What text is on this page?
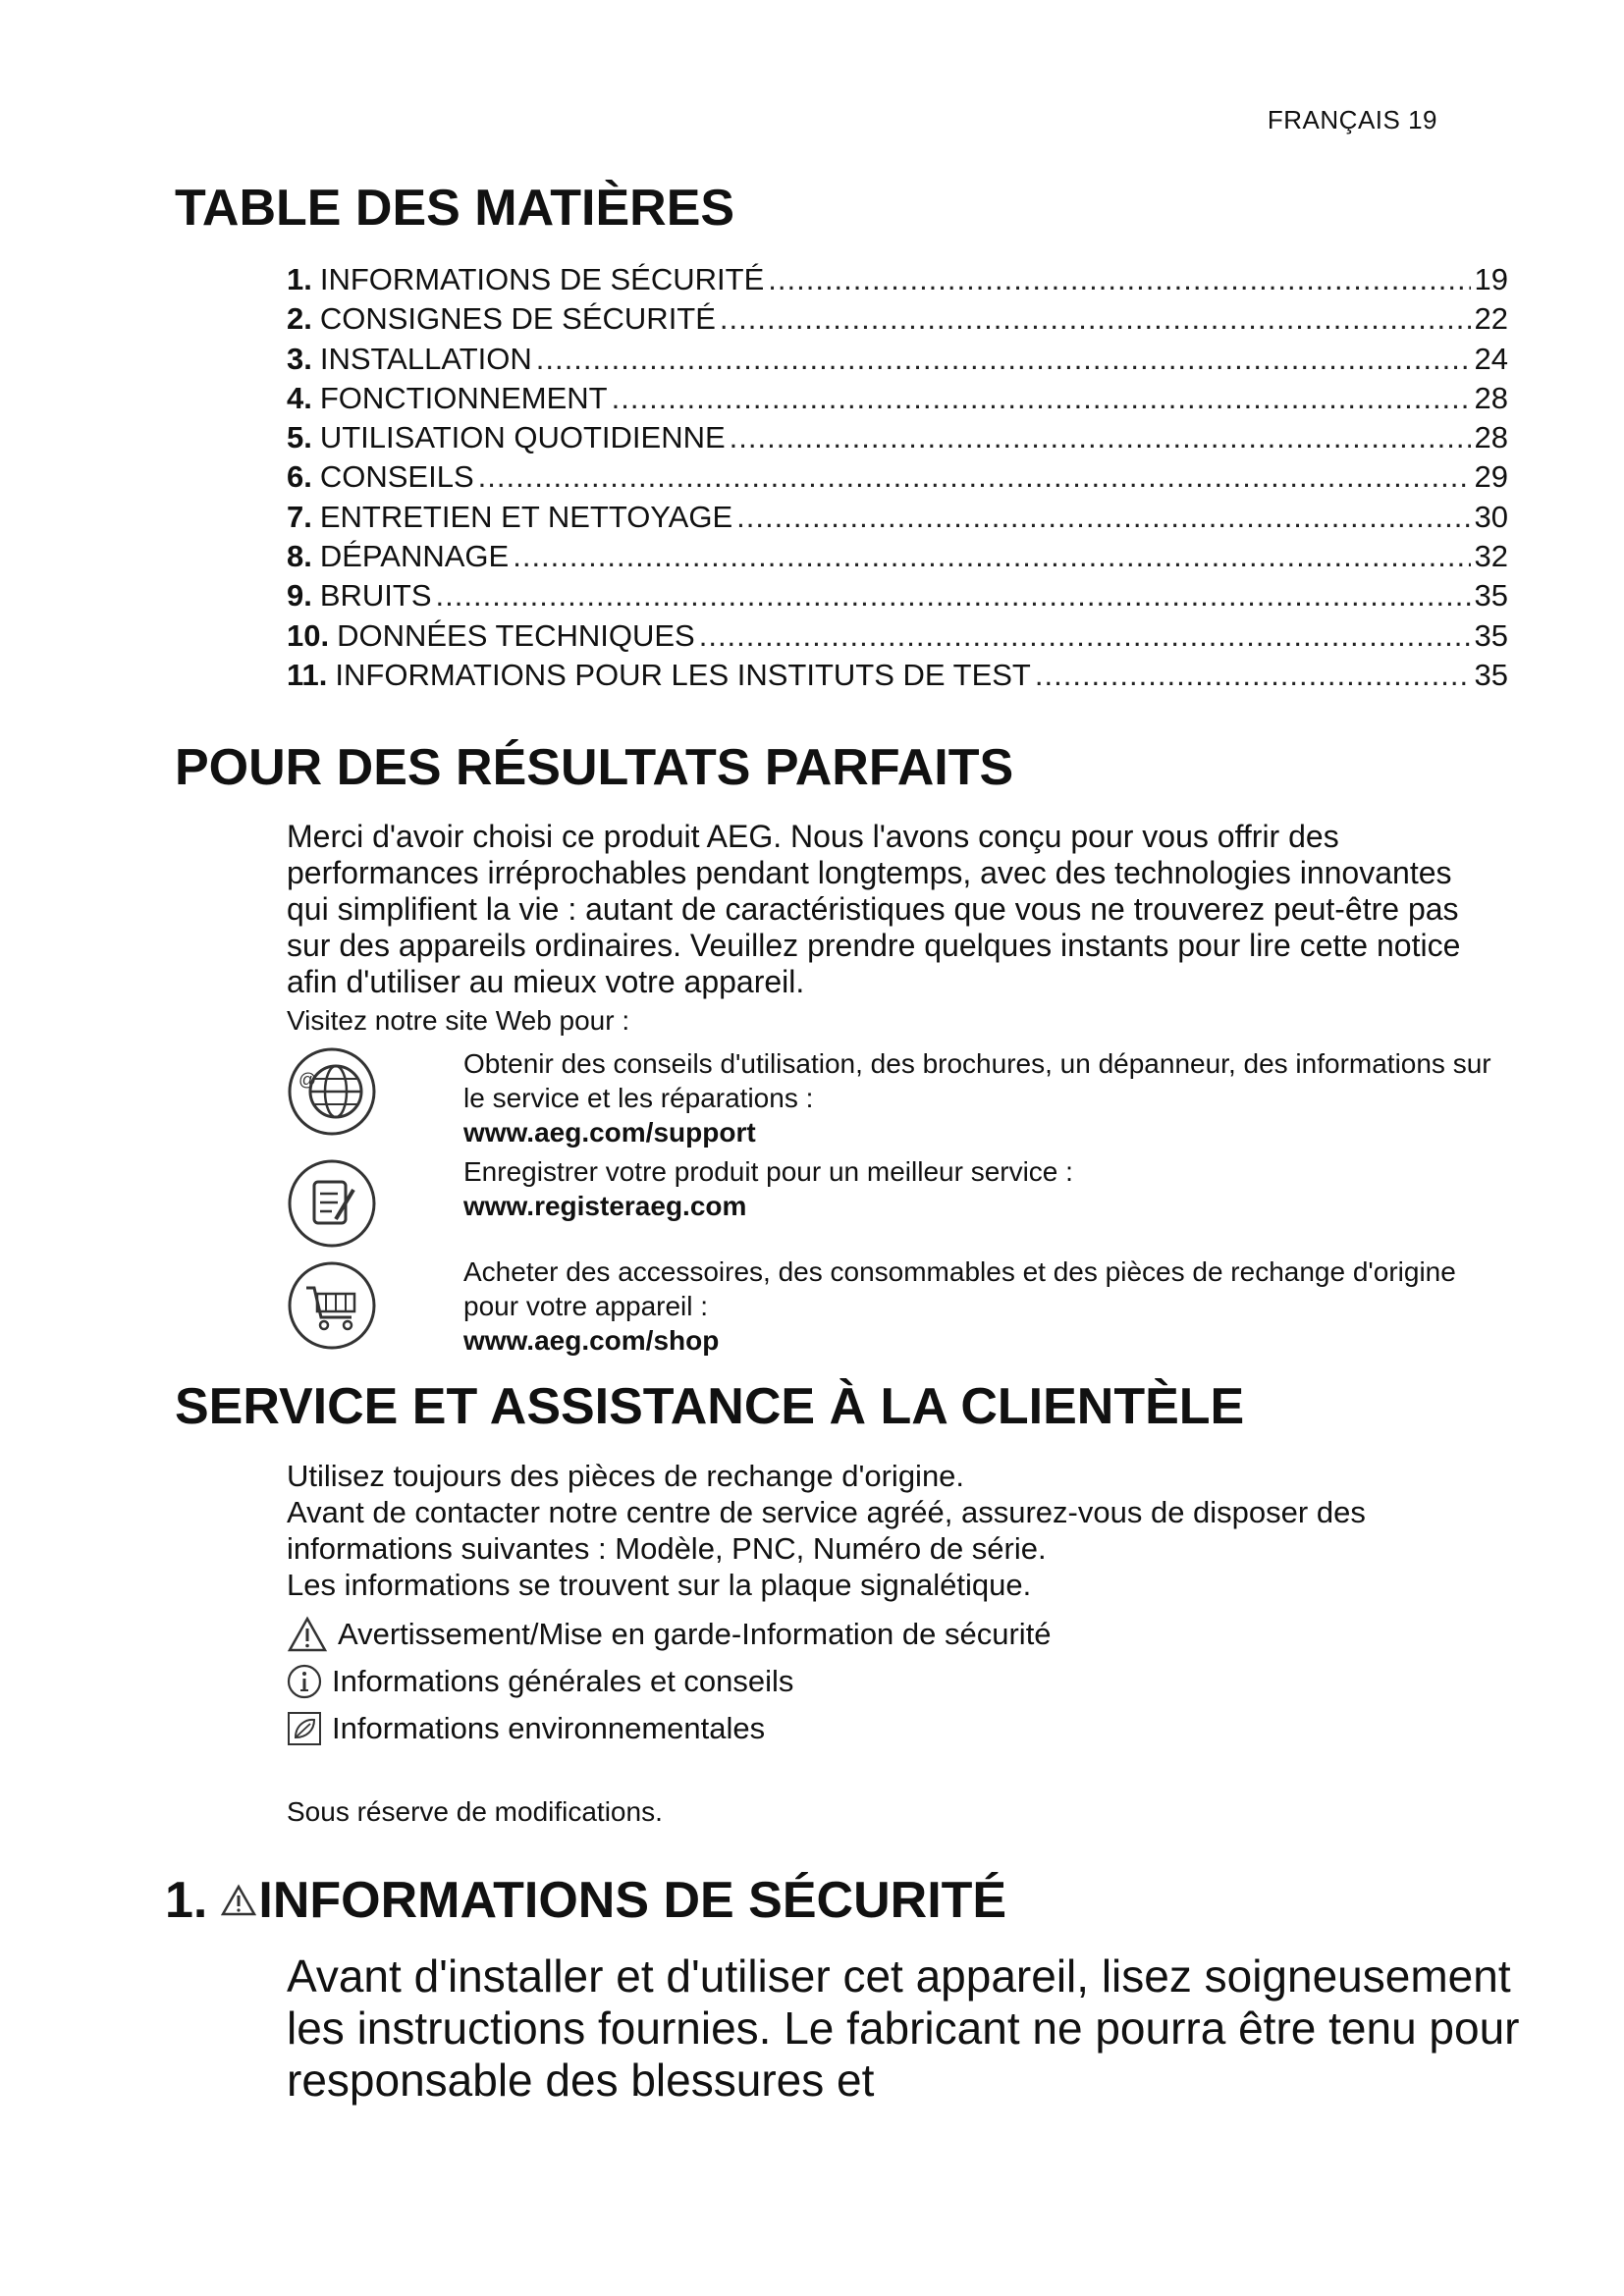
FRANÇAIS 19
TABLE DES MATIÈRES
1. INFORMATIONS DE SÉCURITÉ .....	19
2. CONSIGNES DE SÉCURITÉ .....	22
3. INSTALLATION .....	24
4. FONCTIONNEMENT .....	28
5. UTILISATION QUOTIDIENNE .....	28
6. CONSEILS .....	29
7. ENTRETIEN ET NETTOYAGE .....	30
8. DÉPANNAGE .....	32
9. BRUITS .....	35
10. DONNÉES TECHNIQUES .....	35
11. INFORMATIONS POUR LES INSTITUTS DE TEST .....	35
POUR DES RÉSULTATS PARFAITS

Merci d'avoir choisi ce produit AEG. Nous l'avons conçu pour vous offrir des performances irréprochables pendant longtemps, avec des technologies innovantes qui simplifient la vie : autant de caractéristiques que vous ne trouverez peut-être pas sur des appareils ordinaires. Veuillez prendre quelques instants pour lire cette notice afin d'utiliser au mieux votre appareil.

Visitez notre site Web pour :

@
Obtenir des conseils d'utilisation, des brochures, un dépanneur, des informations sur le service et les réparations :
www.aeg.com/support
Enregistrer votre produit pour un meilleur service :
www.registeraeg.com
Acheter des accessoires, des consommables et des pièces de rechange d'origine pour votre appareil :
www.aeg.com/shop
SERVICE ET ASSISTANCE À LA CLIENTÈLE
Utilisez toujours des pièces de rechange d'origine.
Avant de contacter notre centre de service agréé, assurez-vous de disposer des informations suivantes : Modèle, PNC, Numéro de série.
Les informations se trouvent sur la plaque signalétique.
Avertissement/Mise en garde-Information de sécurité
Informations générales et conseils
Informations environnementales
Sous réserve de modifications.
1. INFORMATIONS DE SÉCURITÉ

Avant d'installer et d'utiliser cet appareil, lisez soigneusement les instructions fournies. Le fabricant ne pourra être tenu pour responsable des blessures et
